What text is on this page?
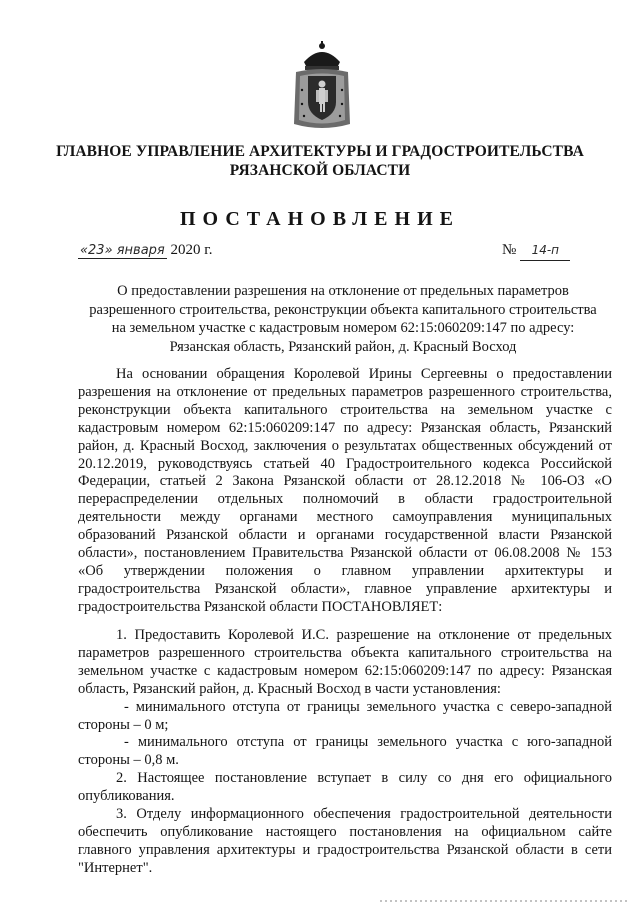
ГЛАВНОЕ УПРАВЛЕНИЕ АРХИТЕКТУРЫ И ГРАДОСТРОИТЕЛЬСТВА
РЯЗАНСКОЙ ОБЛАСТИ
ПОСТАНОВЛЕНИЕ
«23» января 2020 г.	№ 14-п
О предоставлении разрешения на отклонение от предельных параметров
разрешенного строительства, реконструкции объекта капитального строительства
на земельном участке с кадастровым номером 62:15:060209:147 по адресу:
Рязанская область, Рязанский район, д. Красный Восход
На основании обращения Королевой Ирины Сергеевны о предоставлении разрешения на отклонение от предельных параметров разрешенного строительства, реконструкции объекта капитального строительства на земельном участке с кадастровым номером 62:15:060209:147 по адресу: Рязанская область, Рязанский район, д. Красный Восход, заключения о результатах общественных обсуждений от 20.12.2019, руководствуясь статьей 40 Градостроительного кодекса Российской Федерации, статьей 2 Закона Рязанской области от 28.12.2018 № 106-ОЗ «О перераспределении отдельных полномочий в области градостроительной деятельности между органами местного самоуправления муниципальных образований Рязанской области и органами государственной власти Рязанской области», постановлением Правительства Рязанской области от 06.08.2008 № 153 «Об утверждении положения о главном управлении архитектуры и градостроительства Рязанской области», главное управление архитектуры и градостроительства Рязанской области ПОСТАНОВЛЯЕТ:

1. Предоставить Королевой И.С. разрешение на отклонение от предельных параметров разрешенного строительства объекта капитального строительства на земельном участке с кадастровым номером 62:15:060209:147 по адресу: Рязанская область, Рязанский район, д. Красный Восход в части установления:

- минимального отступа от границы земельного участка с северо-западной стороны – 0 м;

- минимального отступа от границы земельного участка с юго-западной стороны – 0,8 м.

2. Настоящее постановление вступает в силу со дня его официального опубликования.

3. Отделу информационного обеспечения градостроительной деятельности обеспечить опубликование настоящего постановления на официальном сайте главного управления архитектуры и градостроительства Рязанской области в сети "Интернет".
